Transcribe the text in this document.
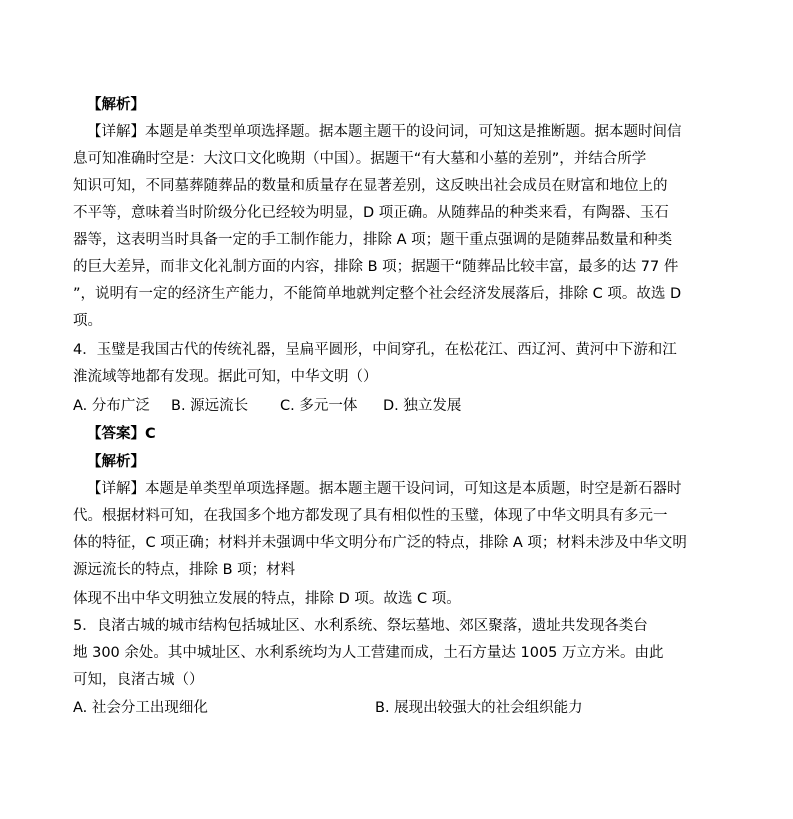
【解析】
【详解】本题是单类型单项选择题。据本题主题干的设问词，可知这是推断题。据本题时间信
息可知准确时空是：大汶口文化晚期（中国）。据题干“有大墓和小墓的差别”，并结合所学
知识可知，不同墓葬随葬品的数量和质量存在显著差别，这反映出社会成员在财富和地位上的
不平等，意味着当时阶级分化已经较为明显，D 项正确。从随葬品的种类来看，有陶器、玉石
器等，这表明当时具备一定的手工制作能力，排除 A 项；题干重点强调的是随葬品数量和种类
的巨大差异，而非文化礼制方面的内容，排除 B 项；据题干“随葬品比较丰富，最多的达 77 件
”，说明有一定的经济生产能力，不能简单地就判定整个社会经济发展落后，排除 C 项。故选 D
项。
4．玉璧是我国古代的传统礼器，呈扁平圆形，中间穿孔，在松花江、西辽河、黄河中下游和江
淮流域等地都有发现。据此可知，中华文明（）
A. 分布广泛 B. 源远流长 C. 多元一体 D. 独立发展
【答案】C
【解析】
【详解】本题是单类型单项选择题。据本题主题干设问词，可知这是本质题，时空是新石器时
代。根据材料可知，在我国多个地方都发现了具有相似性的玉璧，体现了中华文明具有多元一
体的特征，C 项正确；材料并未强调中华文明分布广泛的特点，排除 A 项；材料未涉及中华文明
源远流长的特点，排除 B 项；材料
体现不出中华文明独立发展的特点，排除 D 项。故选 C 项。
5．良渚古城的城市结构包括城址区、水利系统、祭坛墓地、郊区聚落，遗址共发现各类台
地 300 余处。其中城址区、水利系统均为人工营建而成，土石方量达 1005 万立方米。由此
可知，良渚古城（）
A. 社会分工出现细化	B. 展现出较强大的社会组织能力
